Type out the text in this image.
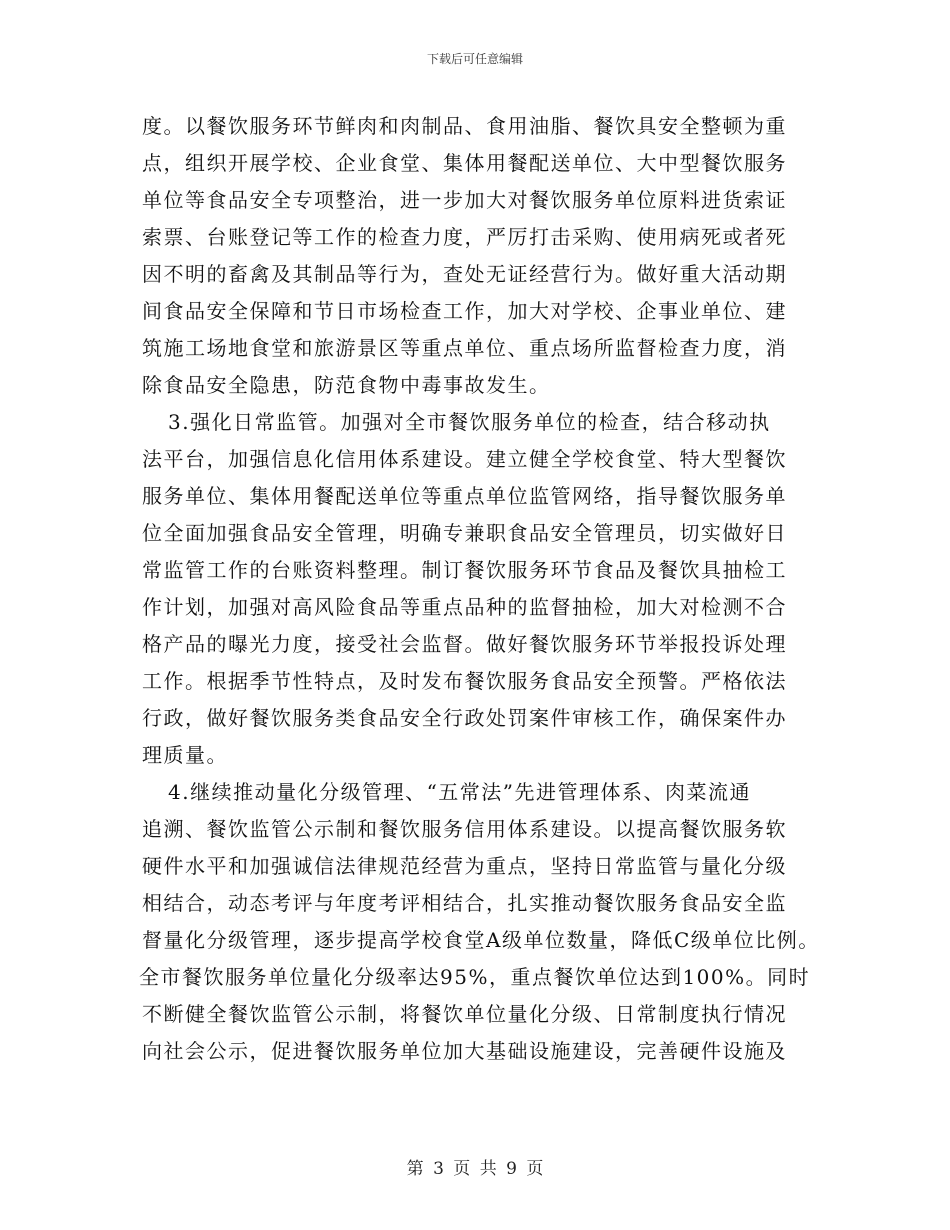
下载后可任意编辑
度。以餐饮服务环节鲜肉和肉制品、食用油脂、餐饮具安全整顿为重
点，组织开展学校、企业食堂、集体用餐配送单位、大中型餐饮服务
单位等食品安全专项整治，进一步加大对餐饮服务单位原料进货索证
索票、台账登记等工作的检查力度，严厉打击采购、使用病死或者死
因不明的畜禽及其制品等行为，查处无证经营行为。做好重大活动期
间食品安全保障和节日市场检查工作，加大对学校、企事业单位、建
筑施工场地食堂和旅游景区等重点单位、重点场所监督检查力度，消
除食品安全隐患，防范食物中毒事故发生。
3.强化日常监管。加强对全市餐饮服务单位的检查，结合移动执
法平台，加强信息化信用体系建设。建立健全学校食堂、特大型餐饮
服务单位、集体用餐配送单位等重点单位监管网络，指导餐饮服务单
位全面加强食品安全管理，明确专兼职食品安全管理员，切实做好日
常监管工作的台账资料整理。制订餐饮服务环节食品及餐饮具抽检工
作计划，加强对高风险食品等重点品种的监督抽检，加大对检测不合
格产品的曝光力度，接受社会监督。做好餐饮服务环节举报投诉处理
工作。根据季节性特点，及时发布餐饮服务食品安全预警。严格依法
行政，做好餐饮服务类食品安全行政处罚案件审核工作，确保案件办
理质量。
4.继续推动量化分级管理、“五常法”先进管理体系、肉菜流通
追溯、餐饮监管公示制和餐饮服务信用体系建设。以提高餐饮服务软
硬件水平和加强诚信法律规范经营为重点，坚持日常监管与量化分级
相结合，动态考评与年度考评相结合，扎实推动餐饮服务食品安全监
督量化分级管理，逐步提高学校食堂A级单位数量，降低C级单位比例。
全市餐饮服务单位量化分级率达95%，重点餐饮单位达到100%。同时
不断健全餐饮监管公示制，将餐饮单位量化分级、日常制度执行情况
向社会公示，促进餐饮服务单位加大基础设施建设，完善硬件设施及
第 3 页 共 9 页
